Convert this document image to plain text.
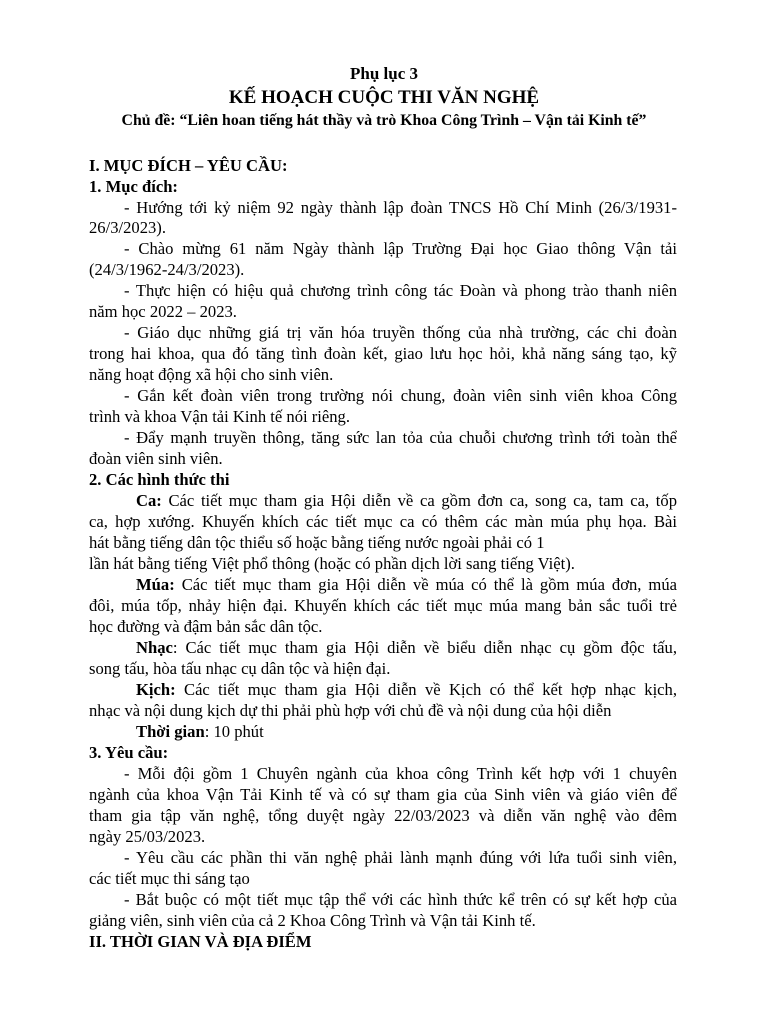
Phụ lục 3
KẾ HOẠCH CUỘC THI VĂN NGHỆ
Chủ đề: “Liên hoan tiếng hát thầy và trò Khoa Công Trình – Vận tải Kinh tế”
I. MỤC ĐÍCH – YÊU CẦU:
1. Mục đích:
- Hướng tới kỷ niệm 92 ngày thành lập đoàn TNCS Hồ Chí Minh (26/3/1931-
26/3/2023).
- Chào mừng 61 năm Ngày thành lập Trường Đại học Giao thông Vận tải
(24/3/1962-24/3/2023).
- Thực hiện có hiệu quả chương trình công tác Đoàn và phong trào thanh niên
năm học 2022 – 2023.
- Giáo dục những giá trị văn hóa truyền thống của nhà trường, các chi đoàn
trong hai khoa, qua đó tăng tình đoàn kết, giao lưu học hỏi, khả năng sáng tạo, kỹ
năng hoạt động xã hội cho sinh viên.
- Gắn kết đoàn viên trong trường nói chung, đoàn viên sinh viên khoa Công
trình và khoa Vận tải Kinh tế nói riêng.
- Đẩy mạnh truyền thông, tăng sức lan tỏa của chuỗi chương trình tới toàn thể
đoàn viên sinh viên.
2. Các hình thức thi
Ca: Các tiết mục tham gia Hội diễn về ca gồm đơn ca, song ca, tam ca, tốp
ca, hợp xướng. Khuyến khích các tiết mục ca có thêm các màn múa phụ họa. Bài
hát bằng tiếng dân tộc thiểu số hoặc bằng tiếng nước ngoài phải có 1
lần hát bằng tiếng Việt phổ thông (hoặc có phần dịch lời sang tiếng Việt).
Múa: Các tiết mục tham gia Hội diễn về múa có thể là gồm múa đơn, múa
đôi, múa tốp, nhảy hiện đại. Khuyến khích các tiết mục múa mang bản sắc tuổi trẻ
học đường và đậm bản sắc dân tộc.
Nhạc: Các tiết mục tham gia Hội diễn về biểu diễn nhạc cụ gồm độc tấu,
song tấu, hòa tấu nhạc cụ dân tộc và hiện đại.
Kịch: Các tiết mục tham gia Hội diễn về Kịch có thể kết hợp nhạc kịch,
nhạc và nội dung kịch dự thi phải phù hợp với chủ đề và nội dung của hội diễn
Thời gian: 10 phút
3. Yêu cầu:
- Mỗi đội gồm 1 Chuyên ngành của khoa công Trình kết hợp với 1 chuyên
ngành của khoa Vận Tải Kinh tế và có sự tham gia của Sinh viên và giáo viên để
tham gia tập văn nghệ, tổng duyệt ngày 22/03/2023 và diễn văn nghệ vào đêm
ngày 25/03/2023.
- Yêu cầu các phần thi văn nghệ phải lành mạnh đúng với lứa tuổi sinh viên,
các tiết mục thi sáng tạo
- Bắt buộc có một tiết mục tập thể với các hình thức kể trên có sự kết hợp của
giảng viên, sinh viên của cả 2 Khoa Công Trình và Vận tải Kinh tế.
II. THỜI GIAN VÀ ĐỊA ĐIỂM
